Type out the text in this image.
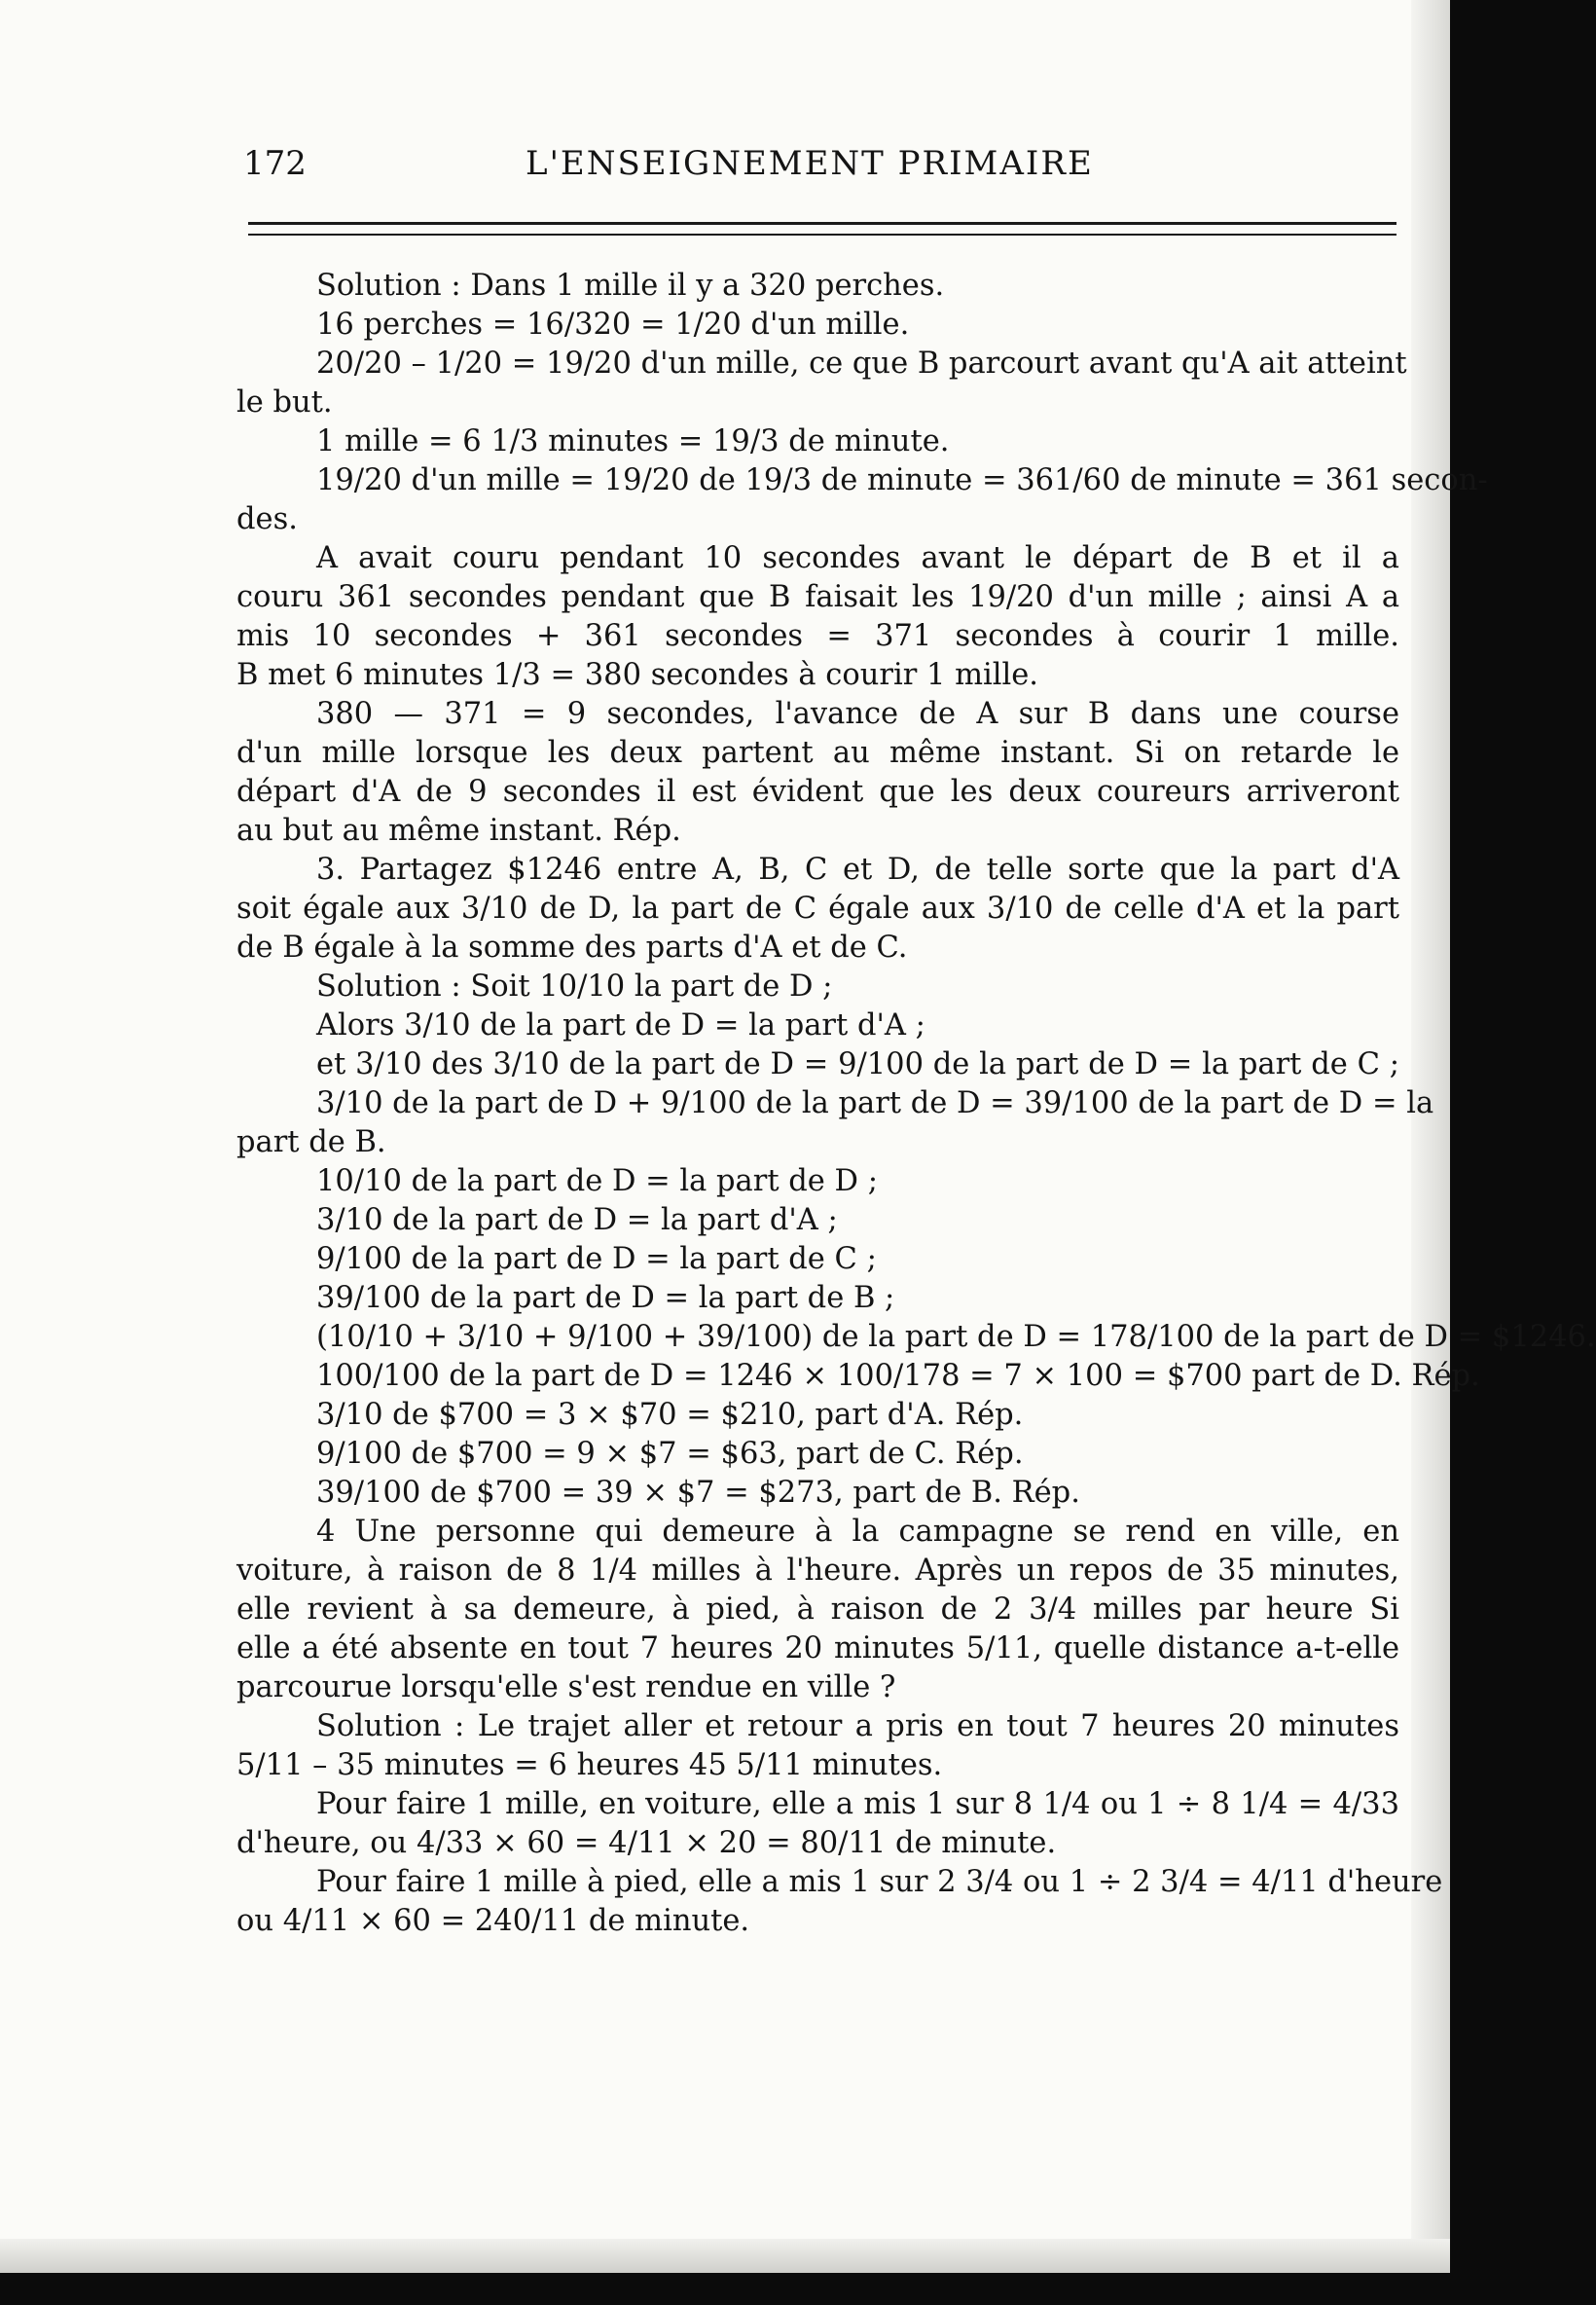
172	L'ENSEIGNEMENT PRIMAIRE
Solution : Dans 1 mille il y a 320 perches.
16 perches = 16/320 = 1/20 d'un mille.
20/20 – 1/20 = 19/20 d'un mille, ce que B parcourt avant qu'A ait atteint
le but.
1 mille = 6 1/3 minutes = 19/3 de minute.
19/20 d'un mille = 19/20 de 19/3 de minute = 361/60 de minute = 361 secon-
des.
A avait couru pendant 10 secondes avant le départ de B et il a
couru 361 secondes pendant que B faisait les 19/20 d'un mille ; ainsi A a
mis 10 secondes + 361 secondes = 371 secondes à courir 1 mille.
B met 6 minutes 1/3 = 380 secondes à courir 1 mille.
380 — 371 = 9 secondes, l'avance de A sur B dans une course
d'un mille lorsque les deux partent au même instant. Si on retarde le
départ d'A de 9 secondes il est évident que les deux coureurs arriveront
au but au même instant. Rép.
3. Partagez $1246 entre A, B, C et D, de telle sorte que la part d'A
soit égale aux 3/10 de D, la part de C égale aux 3/10 de celle d'A et la part
de B égale à la somme des parts d'A et de C.
Solution : Soit 10/10 la part de D ;
Alors 3/10 de la part de D = la part d'A ;
et 3/10 des 3/10 de la part de D = 9/100 de la part de D = la part de C ;
3/10 de la part de D + 9/100 de la part de D = 39/100 de la part de D = la
part de B.
10/10 de la part de D = la part de D ;
3/10 de la part de D = la part d'A ;
9/100 de la part de D = la part de C ;
39/100 de la part de D = la part de B ;
(10/10 + 3/10 + 9/100 + 39/100) de la part de D = 178/100 de la part de D = $1246.
100/100 de la part de D = 1246 × 100/178 = 7 × 100 = $700 part de D. Rép.
3/10 de $700 = 3 × $70 = $210, part d'A. Rép.
9/100 de $700 = 9 × $7 = $63, part de C. Rép.
39/100 de $700 = 39 × $7 = $273, part de B. Rép.
4 Une personne qui demeure à la campagne se rend en ville, en
voiture, à raison de 8 1/4 milles à l'heure. Après un repos de 35 minutes,
elle revient à sa demeure, à pied, à raison de 2 3/4 milles par heure Si
elle a été absente en tout 7 heures 20 minutes 5/11, quelle distance a-t-elle
parcourue lorsqu'elle s'est rendue en ville ?
Solution : Le trajet aller et retour a pris en tout 7 heures 20 minutes
5/11 – 35 minutes = 6 heures 45 5/11 minutes.
Pour faire 1 mille, en voiture, elle a mis 1 sur 8 1/4 ou 1 ÷ 8 1/4 = 4/33
d'heure, ou 4/33 × 60 = 4/11 × 20 = 80/11 de minute.
Pour faire 1 mille à pied, elle a mis 1 sur 2 3/4 ou 1 ÷ 2 3/4 = 4/11 d'heure
ou 4/11 × 60 = 240/11 de minute.
